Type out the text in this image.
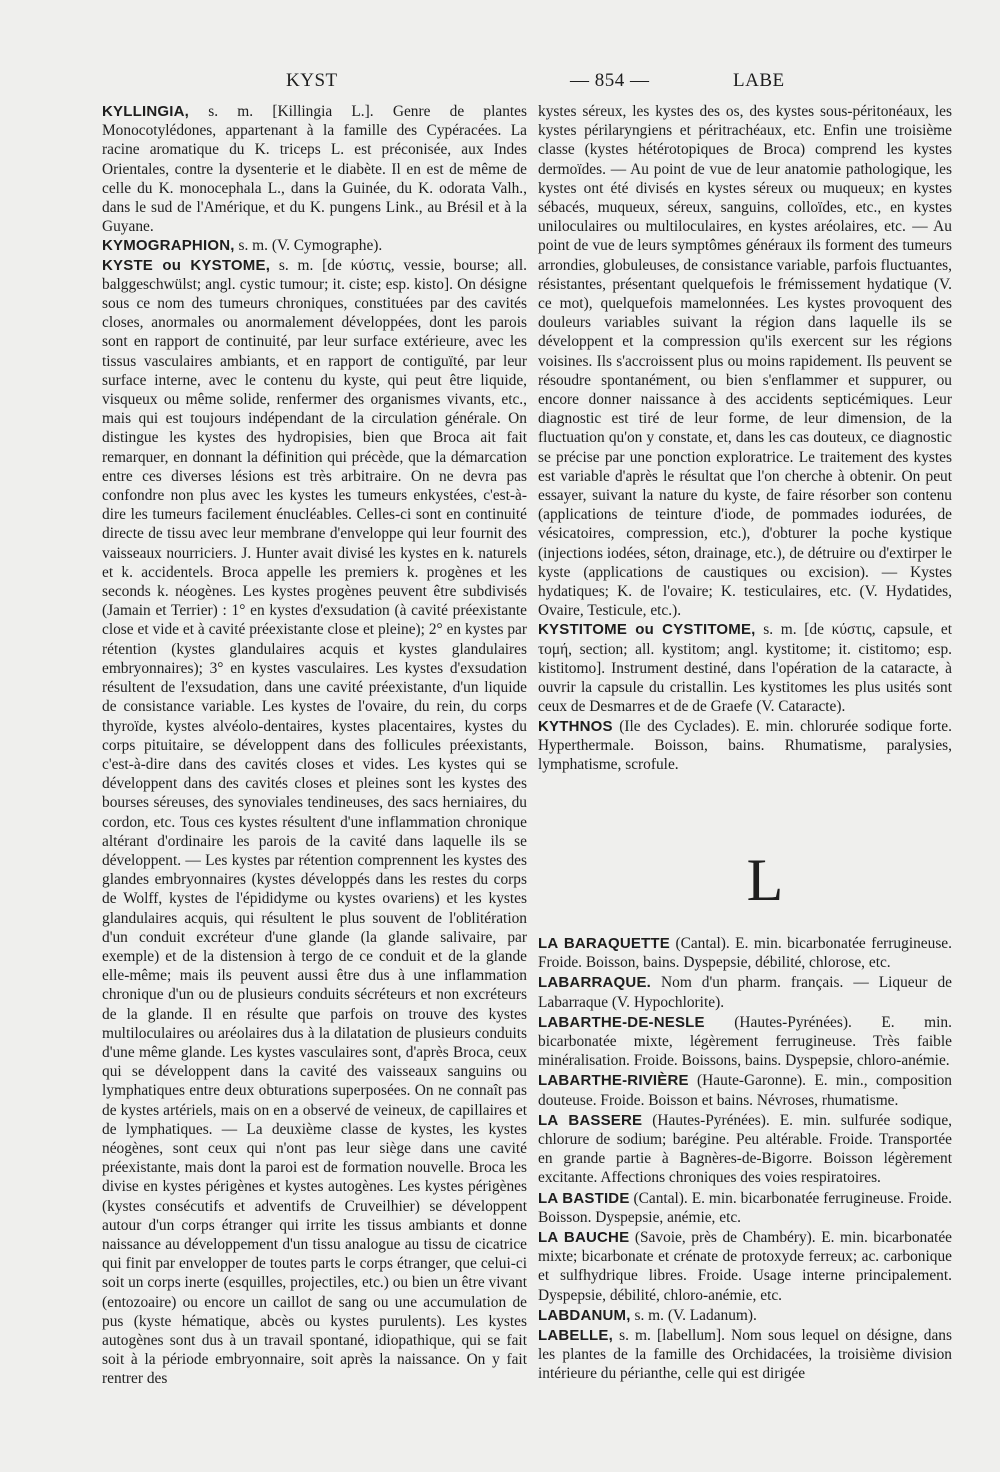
KYST	— 854 —	LABE

KYLLINGIA, s. m. [Killingia L.]. Genre de plantes Monocotylédones, appartenant à la famille des Cypéracées. La racine aromatique du K. triceps L. est préconisée, aux Indes Orientales, contre la dysenterie et le diabète. Il en est de même de celle du K. monocephala L., dans la Guinée, du K. odorata Valh., dans le sud de l'Amérique, et du K. pungens Link., au Brésil et à la Guyane.

KYMOGRAPHION, s. m. (V. Cymographe).

KYSTE ou KYSTOME, s. m. [de κύστις, vessie, bourse; all. balggeschwülst; angl. cystic tumour; it. ciste; esp. kisto]. On désigne sous ce nom des tumeurs chroniques, constituées par des cavités closes, anormales ou anormalement développées, dont les parois sont en rapport de continuité, par leur surface extérieure, avec les tissus vasculaires ambiants, et en rapport de contiguïté, par leur surface interne, avec le contenu du kyste, qui peut être liquide, visqueux ou même solide, renfermer des organismes vivants, etc., mais qui est toujours indépendant de la circulation générale. On distingue les kystes des hydropisies, bien que Broca ait fait remarquer, en donnant la définition qui précède, que la démarcation entre ces diverses lésions est très arbitraire. On ne devra pas confondre non plus avec les kystes les tumeurs enkystées, c'est-à-dire les tumeurs facilement énucléables. Celles-ci sont en continuité directe de tissu avec leur membrane d'enveloppe qui leur fournit des vaisseaux nourriciers. J. Hunter avait divisé les kystes en k. naturels et k. accidentels. Broca appelle les premiers k. progènes et les seconds k. néogènes. Les kystes progènes peuvent être subdivisés (Jamain et Terrier) : 1° en kystes d'exsudation (à cavité préexistante close et vide et à cavité préexistante close et pleine); 2° en kystes par rétention (kystes glandulaires acquis et kystes glandulaires embryonnaires); 3° en kystes vasculaires. Les kystes d'exsudation résultent de l'exsudation, dans une cavité préexistante, d'un liquide de consistance variable. Les kystes de l'ovaire, du rein, du corps thyroïde, kystes alvéolo-dentaires, kystes placentaires, kystes du corps pituitaire, se développent dans des follicules préexistants, c'est-à-dire dans des cavités closes et vides. Les kystes qui se développent dans des cavités closes et pleines sont les kystes des bourses séreuses, des synoviales tendineuses, des sacs herniaires, du cordon, etc. Tous ces kystes résultent d'une inflammation chronique altérant d'ordinaire les parois de la cavité dans laquelle ils se développent. — Les kystes par rétention comprennent les kystes des glandes embryonnaires (kystes développés dans les restes du corps de Wolff, kystes de l'épididyme ou kystes ovariens) et les kystes glandulaires acquis, qui résultent le plus souvent de l'oblitération d'un conduit excréteur d'une glande (la glande salivaire, par exemple) et de la distension à tergo de ce conduit et de la glande elle-même; mais ils peuvent aussi être dus à une inflammation chronique d'un ou de plusieurs conduits sécréteurs et non excréteurs de la glande. Il en résulte que parfois on trouve des kystes multiloculaires ou aréolaires dus à la dilatation de plusieurs conduits d'une même glande. Les kystes vasculaires sont, d'après Broca, ceux qui se développent dans la cavité des vaisseaux sanguins ou lymphatiques entre deux obturations superposées. On ne connaît pas de kystes artériels, mais on en a observé de veineux, de capillaires et de lymphatiques. — La deuxième classe de kystes, les kystes néogènes, sont ceux qui n'ont pas leur siège dans une cavité préexistante, mais dont la paroi est de formation nouvelle. Broca les divise en kystes périgènes et kystes autogènes. Les kystes périgènes (kystes consécutifs et adventifs de Cruveilhier) se développent autour d'un corps étranger qui irrite les tissus ambiants et donne naissance au développement d'un tissu analogue au tissu de cicatrice qui finit par envelopper de toutes parts le corps étranger, que celui-ci soit un corps inerte (esquilles, projectiles, etc.) ou bien un être vivant (entozoaire) ou encore un caillot de sang ou une accumulation de pus (kyste hématique, abcès ou kystes purulents). Les kystes autogènes sont dus à un travail spontané, idiopathique, qui se fait soit à la période embryonnaire, soit après la naissance. On y fait rentrer des

kystes séreux, les kystes des os, des kystes sous-péritonéaux, les kystes périlaryngiens et péritrachéaux, etc. Enfin une troisième classe (kystes hétérotopiques de Broca) comprend les kystes dermoïdes. — Au point de vue de leur anatomie pathologique, les kystes ont été divisés en kystes séreux ou muqueux; en kystes sébacés, muqueux, séreux, sanguins, colloïdes, etc., en kystes uniloculaires ou multiloculaires, en kystes aréolaires, etc. — Au point de vue de leurs symptômes généraux ils forment des tumeurs arrondies, globuleuses, de consistance variable, parfois fluctuantes, résistantes, présentant quelquefois le frémissement hydatique (V. ce mot), quelquefois mamelonnées. Les kystes provoquent des douleurs variables suivant la région dans laquelle ils se développent et la compression qu'ils exercent sur les régions voisines. Ils s'accroissent plus ou moins rapidement. Ils peuvent se résoudre spontanément, ou bien s'enflammer et suppurer, ou encore donner naissance à des accidents septicémiques. Leur diagnostic est tiré de leur forme, de leur dimension, de la fluctuation qu'on y constate, et, dans les cas douteux, ce diagnostic se précise par une ponction exploratrice. Le traitement des kystes est variable d'après le résultat que l'on cherche à obtenir. On peut essayer, suivant la nature du kyste, de faire résorber son contenu (applications de teinture d'iode, de pommades iodurées, de vésicatoires, compression, etc.), d'obturer la poche kystique (injections iodées, séton, drainage, etc.), de détruire ou d'extirper le kyste (applications de caustiques ou excision). — Kystes hydatiques; K. de l'ovaire; K. testiculaires, etc. (V. Hydatides, Ovaire, Testicule, etc.).

KYSTITOME ou CYSTITOME, s. m. [de κύστις, capsule, et τομή, section; all. kystitom; angl. kystitome; it. cistitomo; esp. kistitomo]. Instrument destiné, dans l'opération de la cataracte, à ouvrir la capsule du cristallin. Les kystitomes les plus usités sont ceux de Desmarres et de de Graefe (V. Cataracte).

KYTHNOS (Ile des Cyclades). E. min. chlorurée sodique forte. Hyperthermale. Boisson, bains. Rhumatisme, paralysies, lymphatisme, scrofule.

L

LA BARAQUETTE (Cantal). E. min. bicarbonatée ferrugineuse. Froide. Boisson, bains. Dyspepsie, débilité, chlorose, etc.

LABARRAQUE. Nom d'un pharm. français. — Liqueur de Labarraque (V. Hypochlorite).

LABARTHE-DE-NESLE (Hautes-Pyrénées). E. min. bicarbonatée mixte, légèrement ferrugineuse. Très faible minéralisation. Froide. Boissons, bains. Dyspepsie, chloro-anémie.

LABARTHE-RIVIÈRE (Haute-Garonne). E. min., composition douteuse. Froide. Boisson et bains. Névroses, rhumatisme.

LA BASSERE (Hautes-Pyrénées). E. min. sulfurée sodique, chlorure de sodium; barégine. Peu altérable. Froide. Transportée en grande partie à Bagnères-de-Bigorre. Boisson légèrement excitante. Affections chroniques des voies respiratoires.

LA BASTIDE (Cantal). E. min. bicarbonatée ferrugineuse. Froide. Boisson. Dyspepsie, anémie, etc.

LA BAUCHE (Savoie, près de Chambéry). E. min. bicarbonatée mixte; bicarbonate et crénate de protoxyde ferreux; ac. carbonique et sulfhydrique libres. Froide. Usage interne principalement. Dyspepsie, débilité, chloro-anémie, etc.

LABDANUM, s. m. (V. Ladanum).

LABELLE, s. m. [labellum]. Nom sous lequel on désigne, dans les plantes de la famille des Orchidacées, la troisième division intérieure du périanthe, celle qui est dirigée
